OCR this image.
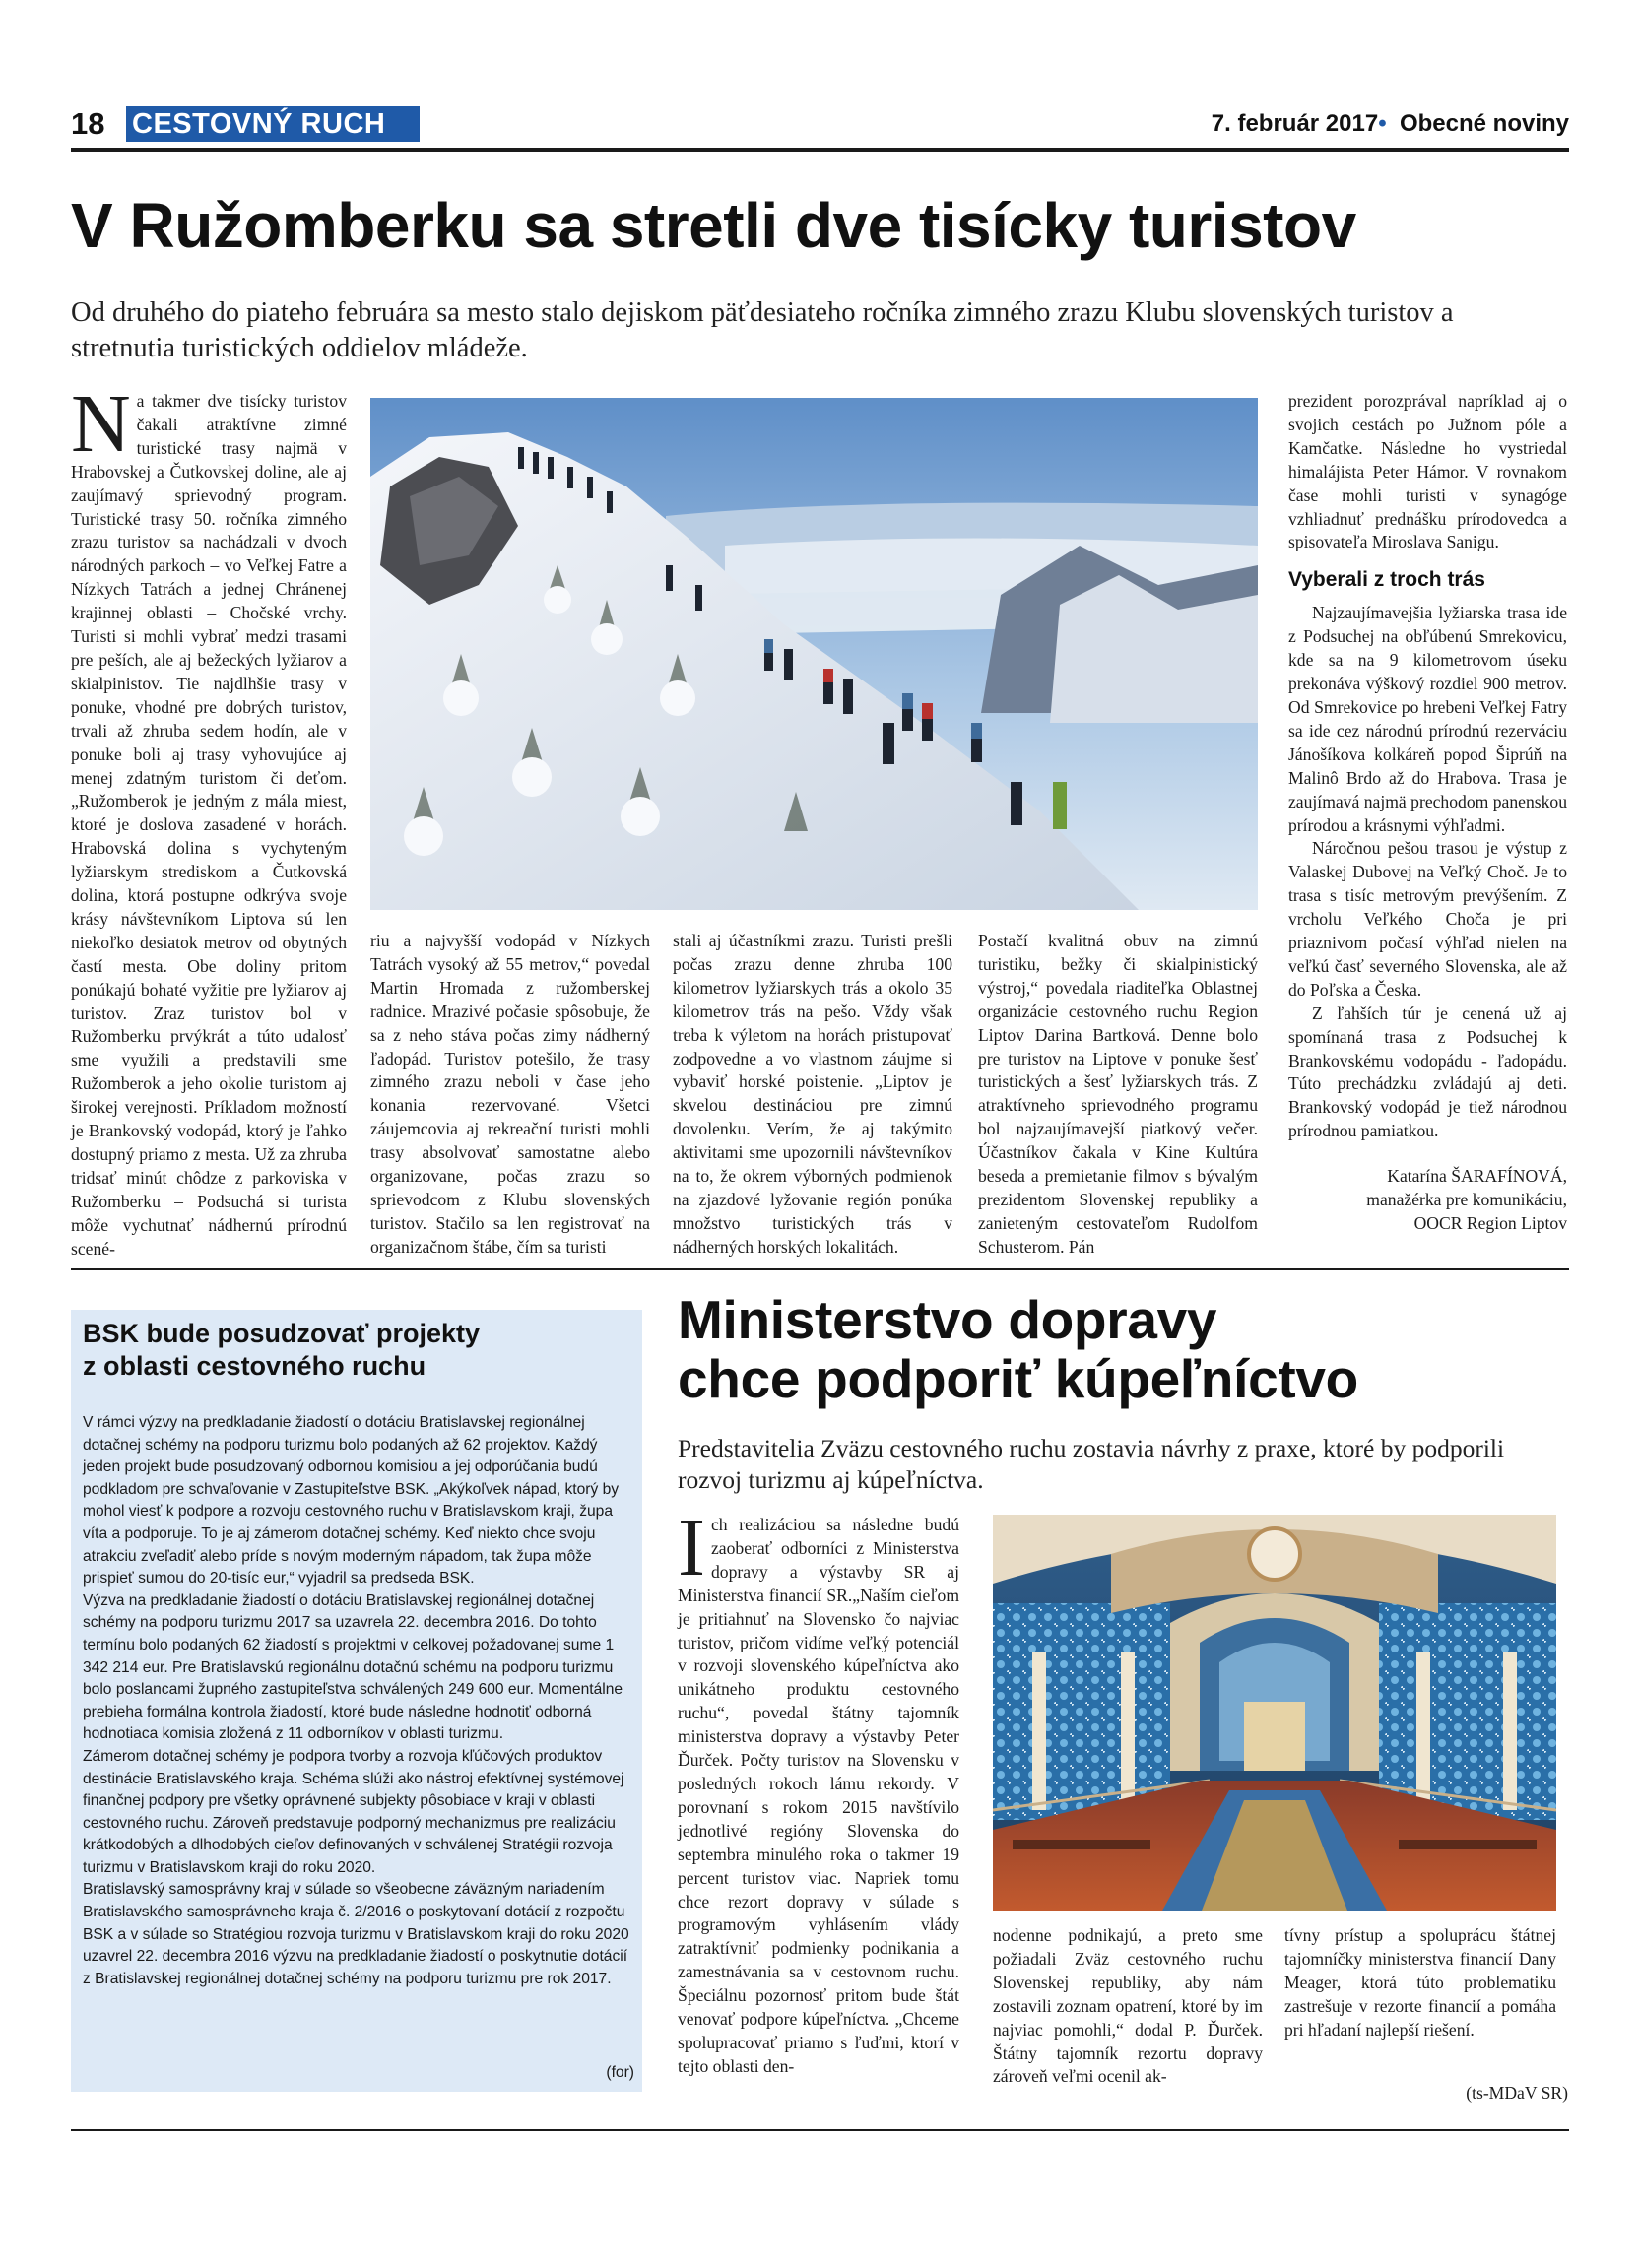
18 CESTOVNÝ RUCH	7. február 2017• Obecné noviny
V Ružomberku sa stretli dve tisícky turistov
Od druhého do piateho februára sa mesto stalo dejiskom päťdesiateho ročníka zimného zrazu Klubu slovenských turistov a stretnutia turistických oddielov mládeže.
Na takmer dve tisícky turistov čakali atraktívne zimné turistické trasy najmä v Hrabovskej a Čutkovskej doline, ale aj zaujímavý sprievodný program. Turistické trasy 50. ročníka zimného zrazu turistov sa nachádzali v dvoch národných parkoch – vo Veľkej Fatre a Nízkych Tatrách a jednej Chránenej krajinnej oblasti – Chočské vrchy. Turisti si mohli vybrať medzi trasami pre peších, ale aj bežeckých lyžiarov a skialpinistov. Tie najdlhšie trasy v ponuke, vhodné pre dobrých turistov, trvali až zhruba sedem hodín, ale v ponuke boli aj trasy vyhovujúce aj menej zdatným turistom či deťom. „Ružomberok je jedným z mála miest, ktoré je doslova zasadené v horách. Hrabovská dolina s vychyteným lyžiarskym strediskom a Čutkovská dolina, ktorá postupne odkrýva svoje krásy návštevníkom Liptova sú len niekoľko desiatok metrov od obytných častí mesta. Obe doliny pritom ponúkajú bohaté vyžitie pre lyžiarov aj turistov. Zraz turistov bol v Ružomberku prvýkrát a túto udalosť sme využili a predstavili sme Ružomberok a jeho okolie turistom aj širokej verejnosti. Príkladom možností je Brankovský vodopád, ktorý je ľahko dostupný priamo z mesta. Už za zhruba tridsať minút chôdze z parkoviska v Ružomberku – Podsuchá si turista môže vychutnať nádhernú prírodnú scené-
riu a najvyšší vodopád v Nízkych Tatrách vysoký až 55 metrov,“ povedal Martin Hromada z ružomberskej radnice. Mrazivé počasie spôsobuje, že sa z neho stáva počas zimy nádherný ľadopád. Turistov potešilo, že trasy zimného zrazu neboli v čase jeho konania rezervované. Všetci záujemcovia aj rekreační turisti mohli trasy absolvovať samostatne alebo organizovane, počas zrazu so sprievodcom z Klubu slovenských turistov. Stačilo sa len registrovať na organizačnom štábe, čím sa turisti
stali aj účastníkmi zrazu. Turisti prešli počas zrazu denne zhruba 100 kilometrov lyžiarskych trás a okolo 35 kilometrov trás na pešo. Vždy však treba k výletom na horách pristupovať zodpovedne a vo vlastnom záujme si vybaviť horské poistenie. „Liptov je skvelou destináciou pre zimnú dovolenku. Verím, že aj takýmito aktivitami sme upozornili návštevníkov na to, že okrem výborných podmienok na zjazdové lyžovanie región ponúka množstvo turistických trás v nádherných horských lokalitách.
Postačí kvalitná obuv na zimnú turistiku, bežky či skialpinistický výstroj,“ povedala riaditeľka Oblastnej organizácie cestovného ruchu Region Liptov Darina Bartková. Denne bolo pre turistov na Liptove v ponuke šesť turistických a šesť lyžiarskych trás. Z atraktívneho sprievodného programu bol najzaujímavejší piatkový večer. Účastníkov čakala v Kine Kultúra beseda a premietanie filmov s bývalým prezidentom Slovenskej republiky a zanieteným cestovateľom Rudolfom Schusterom. Pán
prezident porozprával napríklad aj o svojich cestách po Južnom póle a Kamčatke. Následne ho vystriedal himalájista Peter Hámor. V rovnakom čase mohli turisti v synagóge vzhliadnuť prednášku prírodovedca a spisovateľa Miroslava Sanigu.
Vyberali z troch trás
Najzaujímavejšia lyžiarska trasa ide z Podsuchej na obľúbenú Smrekovicu, kde sa na 9 kilometrovom úseku prekonáva výškový rozdiel 900 metrov. Od Smrekovice po hrebeni Veľkej Fatry sa ide cez národnú prírodnú rezerváciu Jánošíkova kolkáreň popod Šiprúň na Malinô Brdo až do Hrabova. Trasa je zaujímavá najmä prechodom panenskou prírodou a krásnymi výhľadmi.
Náročnou pešou trasou je výstup z Valaskej Dubovej na Veľký Choč. Je to trasa s tisíc metrovým prevýšením. Z vrcholu Veľkého Choča je pri priaznivom počasí výhľad nielen na veľkú časť severného Slovenska, ale až do Poľska a Česka.
Z ľahších túr je cenená už aj spomínaná trasa z Podsuchej k Brankovskému vodopádu - ľadopádu. Túto prechádzku zvládajú aj deti. Brankovský vodopád je tiež národnou prírodnou pamiatkou.
Katarína ŠARAFÍNOVÁ,
manažérka pre komunikáciu,
OOCR Region Liptov
BSK bude posudzovať projekty
z oblasti cestovného ruchu

V rámci výzvy na predkladanie žiadostí o dotáciu Bratislavskej regionálnej dotačnej schémy na podporu turizmu bolo podaných až 62 projektov. Každý jeden projekt bude posudzovaný odbornou komisiou a jej odporúčania budú podkladom pre schvaľovanie v Zastupiteľstve BSK. „Akýkoľvek nápad, ktorý by mohol viesť k podpore a rozvoju cestovného ruchu v Bratislavskom kraji, župa víta a podporuje. To je aj zámerom dotačnej schémy. Keď niekto chce svoju atrakciu zveľadiť alebo príde s novým moderným nápadom, tak župa môže prispieť sumou do 20-tisíc eur,“ vyjadril sa predseda BSK.

Výzva na predkladanie žiadostí o dotáciu Bratislavskej regionálnej dotačnej schémy na podporu turizmu 2017 sa uzavrela 22. decembra 2016. Do tohto termínu bolo podaných 62 žiadostí s projektmi v celkovej požadovanej sume 1 342 214 eur. Pre Bratislavskú regionálnu dotačnú schému na podporu turizmu bolo poslancami župného zastupiteľstva schválených 249 600 eur. Momentálne prebieha formálna kontrola žiadostí, ktoré bude následne hodnotiť odborná hodnotiaca komisia zložená z 11 odborníkov v oblasti turizmu.

Zámerom dotačnej schémy je podpora tvorby a rozvoja kľúčových produktov destinácie Bratislavského kraja. Schéma slúži ako nástroj efektívnej systémovej finančnej podpory pre všetky oprávnené subjekty pôsobiace v kraji v oblasti cestovného ruchu. Zároveň predstavuje podporný mechanizmus pre realizáciu krátkodobých a dlhodobých cieľov definovaných v schválenej Stratégii rozvoja turizmu v Bratislavskom kraji do roku 2020.

Bratislavský samosprávny kraj v súlade so všeobecne záväzným nariadením Bratislavského samosprávneho kraja č. 2/2016 o poskytovaní dotácií z rozpočtu BSK a v súlade so Stratégiou rozvoja turizmu v Bratislavskom kraji do roku 2020 uzavrel 22. decembra 2016 výzvu na predkladanie žiadostí o poskytnutie dotácií z Bratislavskej regionálnej dotačnej schémy na podporu turizmu pre rok 2017.

(for)
Ministerstvo dopravy
chce podporiť kúpeľníctvo
Predstavitelia Zväzu cestovného ruchu zostavia návrhy z praxe, ktoré by podporili rozvoj turizmu aj kúpeľníctva.
Ich realizáciou sa následne budú zaoberať odborníci z Ministerstva dopravy a výstavby SR aj Ministerstva financií SR.„Naším cieľom je pritiahnuť na Slovensko čo najviac turistov, pričom vidíme veľký potenciál v rozvoji slovenského kúpeľníctva ako unikátneho produktu cestovného ruchu“, povedal štátny tajomník ministerstva dopravy a výstavby Peter Ďurček. Počty turistov na Slovensku v posledných rokoch lámu rekordy. V porovnaní s rokom 2015 navštívilo jednotlivé regióny Slovenska do septembra minulého roka o takmer 19 percent turistov viac. Napriek tomu chce rezort dopravy v súlade s programovým vyhlásením vlády zatraktívniť podmienky podnikania a zamestnávania sa v cestovnom ruchu. Špeciálnu pozornosť pritom bude štát venovať podpore kúpeľníctva. „Chceme spolupracovať priamo s ľuďmi, ktorí v tejto oblasti den-
nodenne podnikajú, a preto sme požiadali Zväz cestovného ruchu Slovenskej republiky, aby nám zostavili zoznam opatrení, ktoré by im najviac pomohli,“ dodal P. Ďurček. Štátny tajomník rezortu dopravy zároveň veľmi ocenil ak-
tívny prístup a spoluprácu štátnej tajomníčky ministerstva financií Dany Meager, ktorá túto problematiku zastrešuje v rezorte financií a pomáha pri hľadaní najlepší riešení.
(ts-MDaV SR)
